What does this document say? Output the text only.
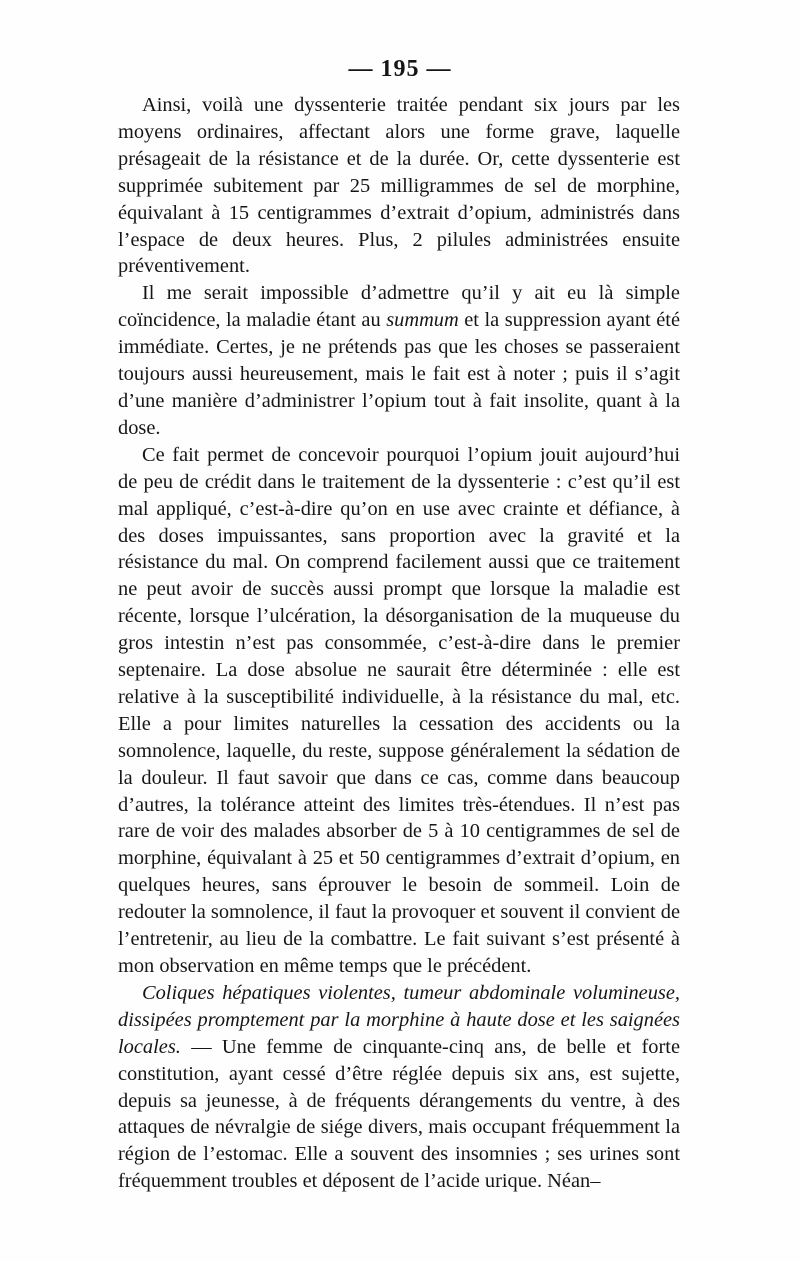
— 195 —

Ainsi, voilà une dyssenterie traitée pendant six jours par les moyens ordinaires, affectant alors une forme grave, laquelle présageait de la résistance et de la durée. Or, cette dyssenterie est supprimée subitement par 25 milligrammes de sel de morphine, équivalant à 15 centigrammes d’extrait d’opium, administrés dans l’espace de deux heures. Plus, 2 pilules administrées ensuite préventivement.

Il me serait impossible d’admettre qu’il y ait eu là simple coïncidence, la maladie étant au summum et la suppression ayant été immédiate. Certes, je ne prétends pas que les choses se passeraient toujours aussi heureusement, mais le fait est à noter ; puis il s’agit d’une manière d’administrer l’opium tout à fait insolite, quant à la dose.

Ce fait permet de concevoir pourquoi l’opium jouit aujourd’hui de peu de crédit dans le traitement de la dyssenterie : c’est qu’il est mal appliqué, c’est-à-dire qu’on en use avec crainte et défiance, à des doses impuissantes, sans proportion avec la gravité et la résistance du mal. On comprend facilement aussi que ce traitement ne peut avoir de succès aussi prompt que lorsque la maladie est récente, lorsque l’ulcération, la désorganisation de la muqueuse du gros intestin n’est pas consommée, c’est-à-dire dans le premier septenaire. La dose absolue ne saurait être déterminée : elle est relative à la susceptibilité individuelle, à la résistance du mal, etc. Elle a pour limites naturelles la cessation des accidents ou la somnolence, laquelle, du reste, suppose généralement la sédation de la douleur. Il faut savoir que dans ce cas, comme dans beaucoup d’autres, la tolérance atteint des limites très-étendues. Il n’est pas rare de voir des malades absorber de 5 à 10 centigrammes de sel de morphine, équivalant à 25 et 50 centigrammes d’extrait d’opium, en quelques heures, sans éprouver le besoin de sommeil. Loin de redouter la somnolence, il faut la provoquer et souvent il convient de l’entretenir, au lieu de la combattre. Le fait suivant s’est présenté à mon observation en même temps que le précédent.

Coliques hépatiques violentes, tumeur abdominale volumineuse, dissipées promptement par la morphine à haute dose et les saignées locales. — Une femme de cinquante-cinq ans, de belle et forte constitution, ayant cessé d’être réglée depuis six ans, est sujette, depuis sa jeunesse, à de fréquents dérangements du ventre, à des attaques de névralgie de siége divers, mais occupant fréquemment la région de l’estomac. Elle a souvent des insomnies ; ses urines sont fréquemment troubles et déposent de l’acide urique. Néan–
